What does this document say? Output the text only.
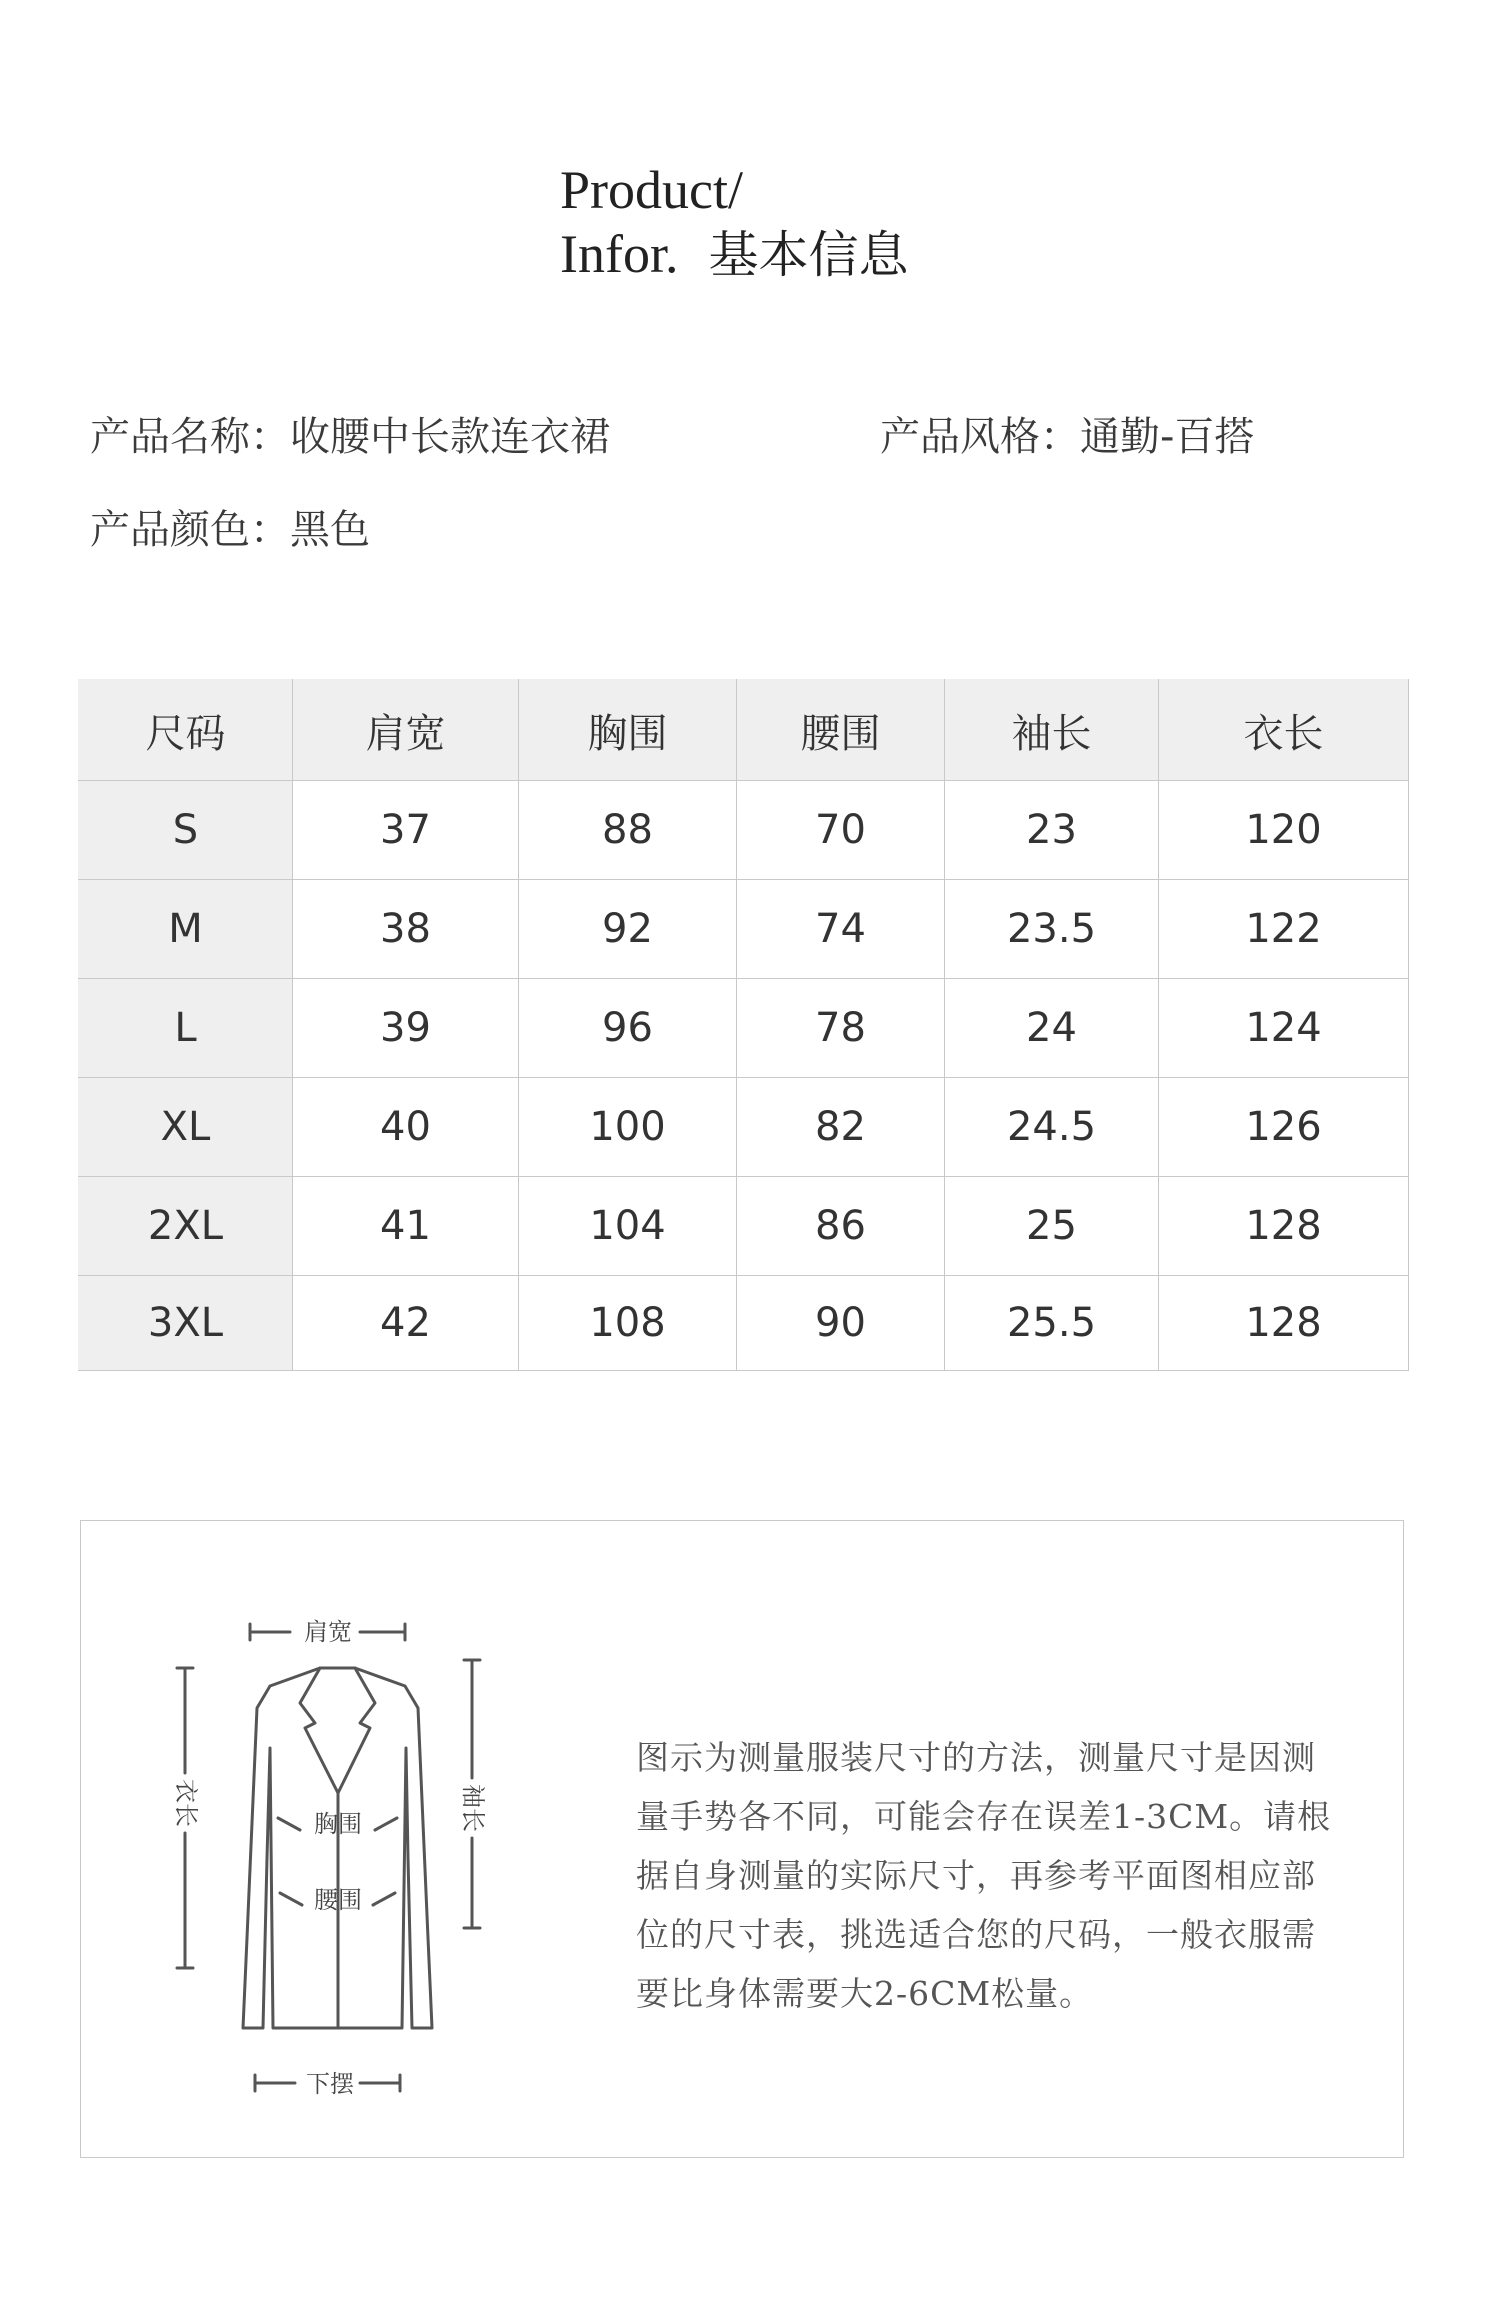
Product/
Infor. 基本信息
产品名称：收腰中长款连衣裙	产品风格：通勤-百搭
产品颜色：黑色
尺码	肩宽	胸围	腰围	袖长	衣长
S	37	88	70	23	120
M	38	92	74	23.5	122
L	39	96	78	24	124
XL	40	100	82	24.5	126
2XL	41	104	86	25	128
3XL	42	108	90	25.5	128
肩宽
胸围
腰围
下摆
衣长	袖长
图示为测量服装尺寸的方法，测量尺寸是因测量手势各不同，可能会存在误差1-3CM。请根据自身测量的实际尺寸，再参考平面图相应部位的尺寸表，挑选适合您的尺码，一般衣服需要比身体需要大2-6CM松量。
